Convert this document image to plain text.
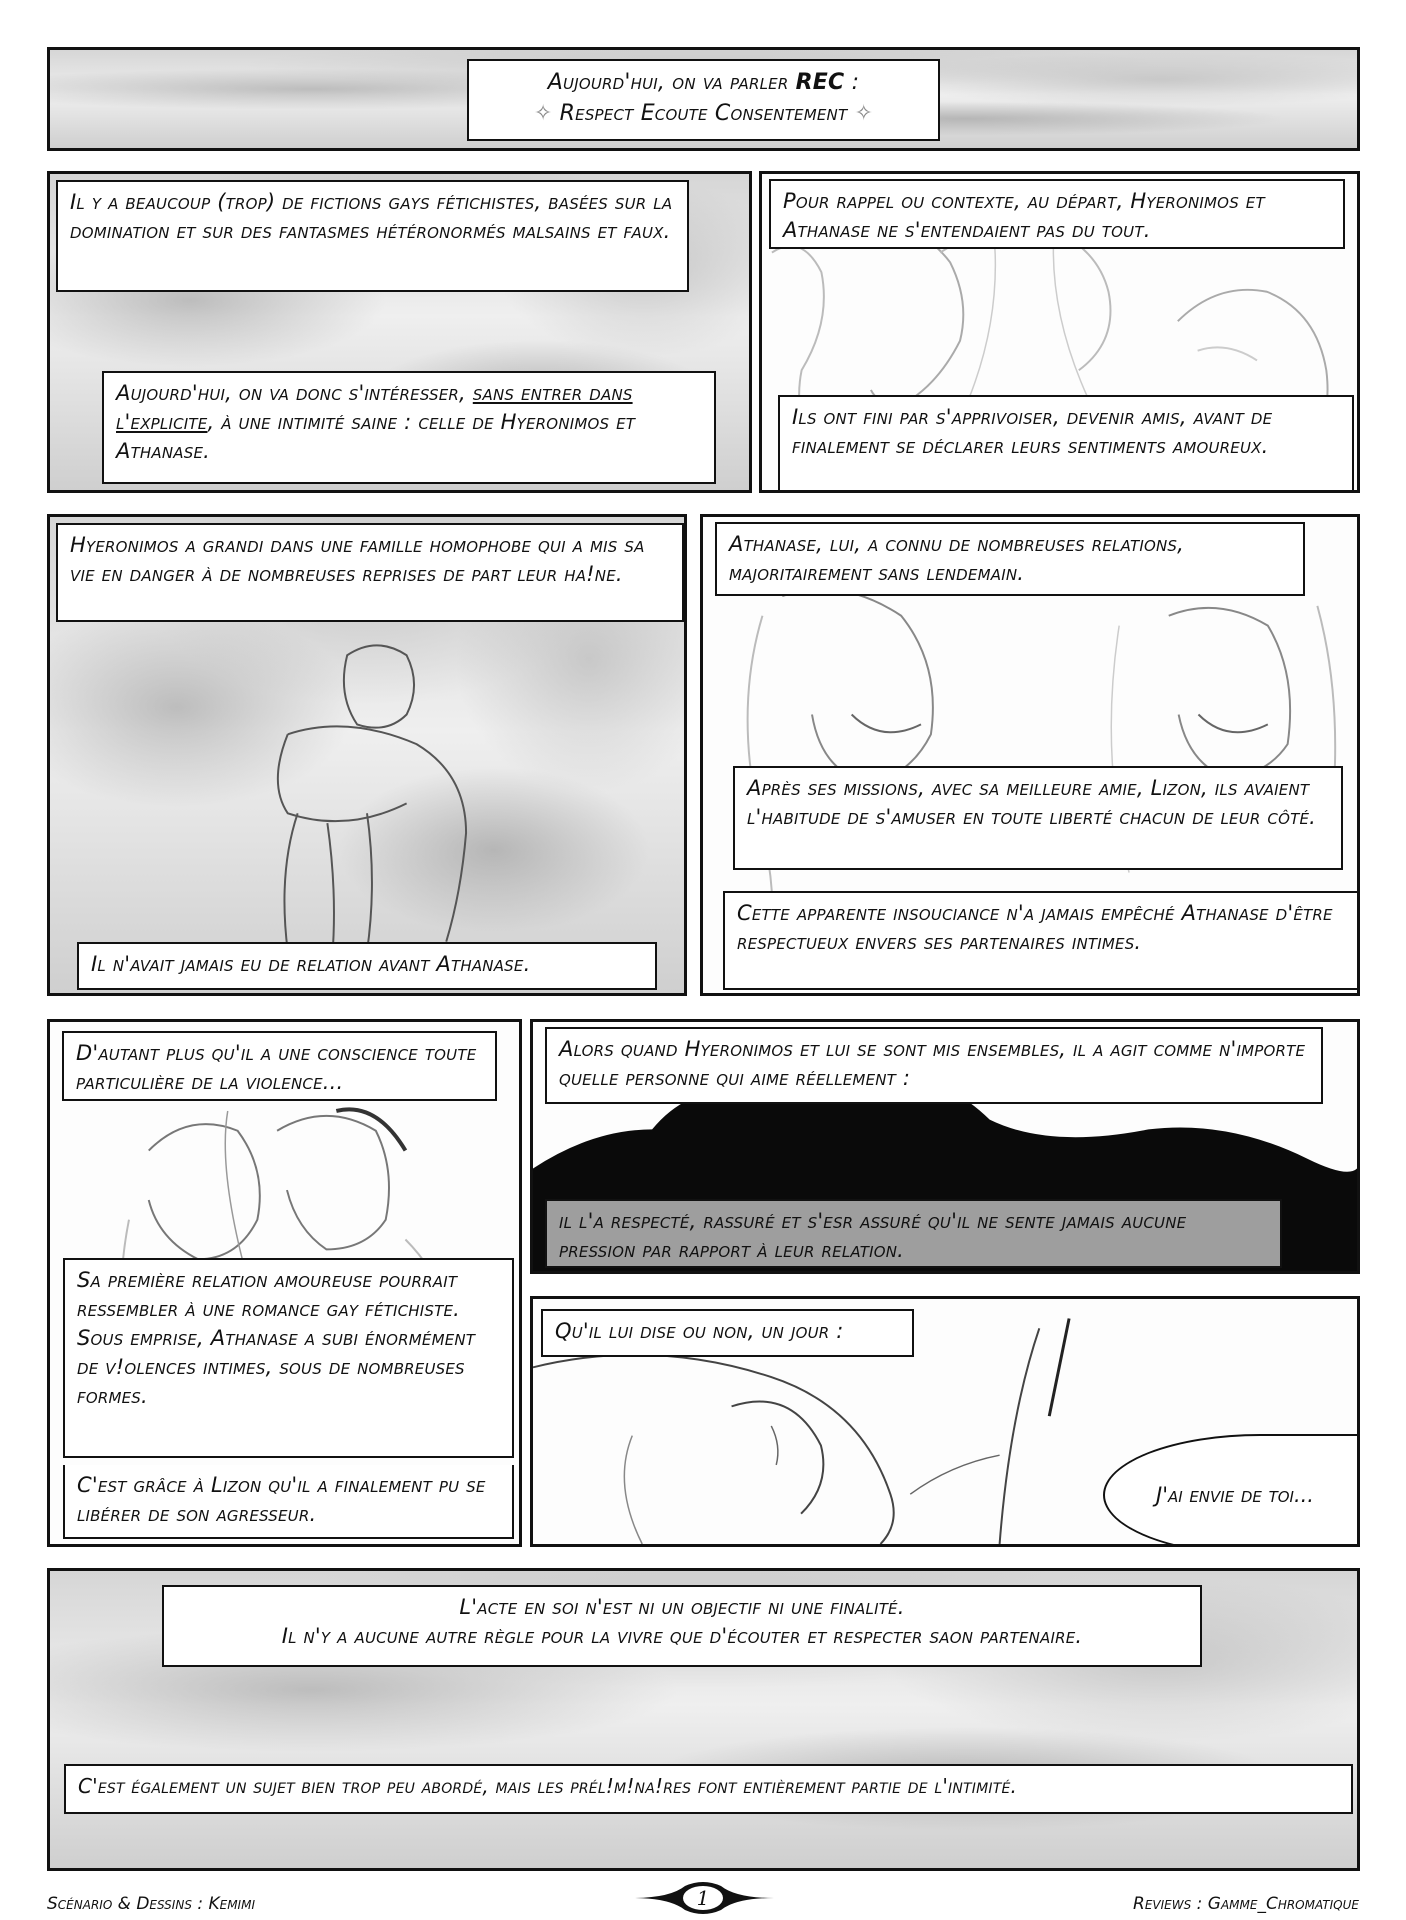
Aujourd'hui, on va parler REC :
✧ Respect Ecoute Consentement ✧
Il y a beaucoup (trop) de fictions gays fétichistes, basées sur la domination et sur des fantasmes hétéronormés malsains et faux.
Aujourd'hui, on va donc s'intéresser, sans entrer dans l'explicite, à une intimité saine : celle de Hyeronimos et Athanase.
Pour rappel ou contexte, au départ, Hyeronimos et Athanase ne s'entendaient pas du tout.
Ils ont fini par s'apprivoiser, devenir amis, avant de finalement se déclarer leurs sentiments amoureux.
Hyeronimos a grandi dans une famille homophobe qui a mis sa vie en danger à de nombreuses reprises de part leur ha!ne.
Il n'avait jamais eu de relation avant Athanase.
Athanase, lui, a connu de nombreuses relations, majoritairement sans lendemain.
Après ses missions, avec sa meilleure amie, Lizon, ils avaient l'habitude de s'amuser en toute liberté chacun de leur côté.
Cette apparente insouciance n'a jamais empêché Athanase d'être respectueux envers ses partenaires intimes.
D'autant plus qu'il a une conscience toute particulière de la violence...
Sa première relation amoureuse pourrait ressembler à une romance gay fétichiste.
Sous emprise, Athanase a subi énormément de v!olences intimes, sous de nombreuses formes.
C'est grâce à Lizon qu'il a finalement pu se libérer de son agresseur.
Alors quand Hyeronimos et lui se sont mis ensembles, il a agit comme n'importe quelle personne qui aime réellement :
il l'a respecté, rassuré et s'esr assuré qu'il ne sente jamais aucune pression par rapport à leur relation.
Qu'il lui dise ou non, un jour :
J'ai envie de toi...
L'acte en soi n'est ni un objectif ni une finalité.
Il n'y a aucune autre règle pour la vivre que d'écouter et respecter saon partenaire.
C'est également un sujet bien trop peu abordé, mais les prél!m!na!res font entièrement partie de l'intimité.
Scénario & Dessins : Kemimi	1	Reviews : Gamme_Chromatique
